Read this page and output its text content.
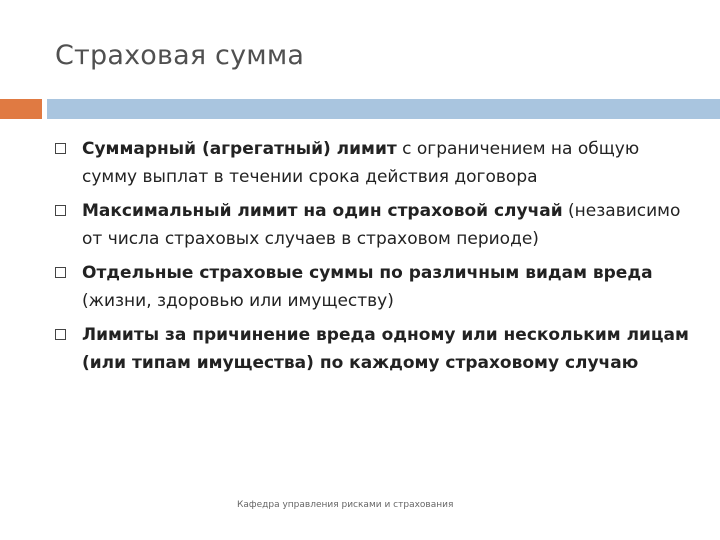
Страховая сумма
Суммарный (агрегатный) лимит с ограничением на общую сумму выплат в течении срока действия договора
Максимальный лимит на один страховой случай (независимо от числа страховых случаев в страховом периоде)
Отдельные страховые суммы по различным видам вреда (жизни, здоровью или имуществу)
Лимиты за причинение вреда одному или нескольким лицам (или типам имущества) по каждому страховому случаю
Кафедра управления рисками и страхования
